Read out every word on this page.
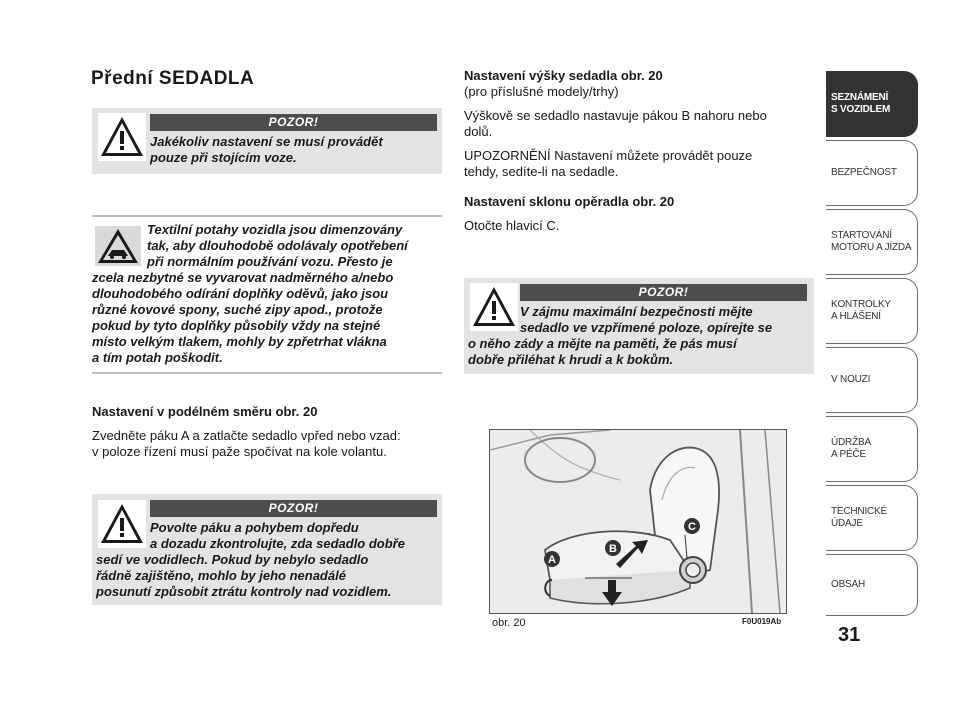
Přední SEDADLA
POZOR!
Jakékoliv nastavení se musí provádět
pouze při stojícím voze.
Textilní potahy vozidla jsou dimenzovány
tak, aby dlouhodobě odolávaly opotřebení
při normálním používání vozu. Přesto je
zcela nezbytné se vyvarovat nadměrného a/nebo
dlouhodobého odírání doplňky oděvů, jako jsou
různé kovové spony, suché zipy apod., protože
pokud by tyto doplňky působily vždy na stejné
místo velkým tlakem, mohly by zpřetrhat vlákna
a tím potah poškodit.
Nastavení v podélném směru obr. 20
Zvedněte páku A a zatlačte sedadlo vpřed nebo vzad:
v poloze řízení musí paže spočívat na kole volantu.
POZOR!
Povolte páku a pohybem dopředu
a dozadu zkontrolujte, zda sedadlo dobře
sedí ve vodidlech. Pokud by nebylo sedadlo
řádně zajištěno, mohlo by jeho nenadálé
posunutí způsobit ztrátu kontroly nad vozidlem.
Nastavení výšky sedadla obr. 20
(pro příslušné modely/trhy)
Výškově se sedadlo nastavuje pákou B nahoru nebo
dolů.
UPOZORNĚNÍ Nastavení můžete provádět pouze
tehdy, sedíte-li na sedadle.
Nastavení sklonu opěradla obr. 20
Otočte hlavicí C.
POZOR!
V zájmu maximální bezpečnosti mějte
sedadlo ve vzpřímené poloze, opírejte se
o něho zády a mějte na paměti, že pás musí
dobře přiléhat k hrudi a k bokům.
A
B
C
obr. 20	F0U019Ab
SEZNÁMENÍ
S VOZIDLEM
BEZPEČNOST
STARTOVÁNÍ
MOTORU A JÍZDA
KONTROLKY
A HLÁŠENÍ
V NOUZI
ÚDRŽBA
A PÉČE
TECHNICKÉ
ÚDAJE
OBSAH
31
